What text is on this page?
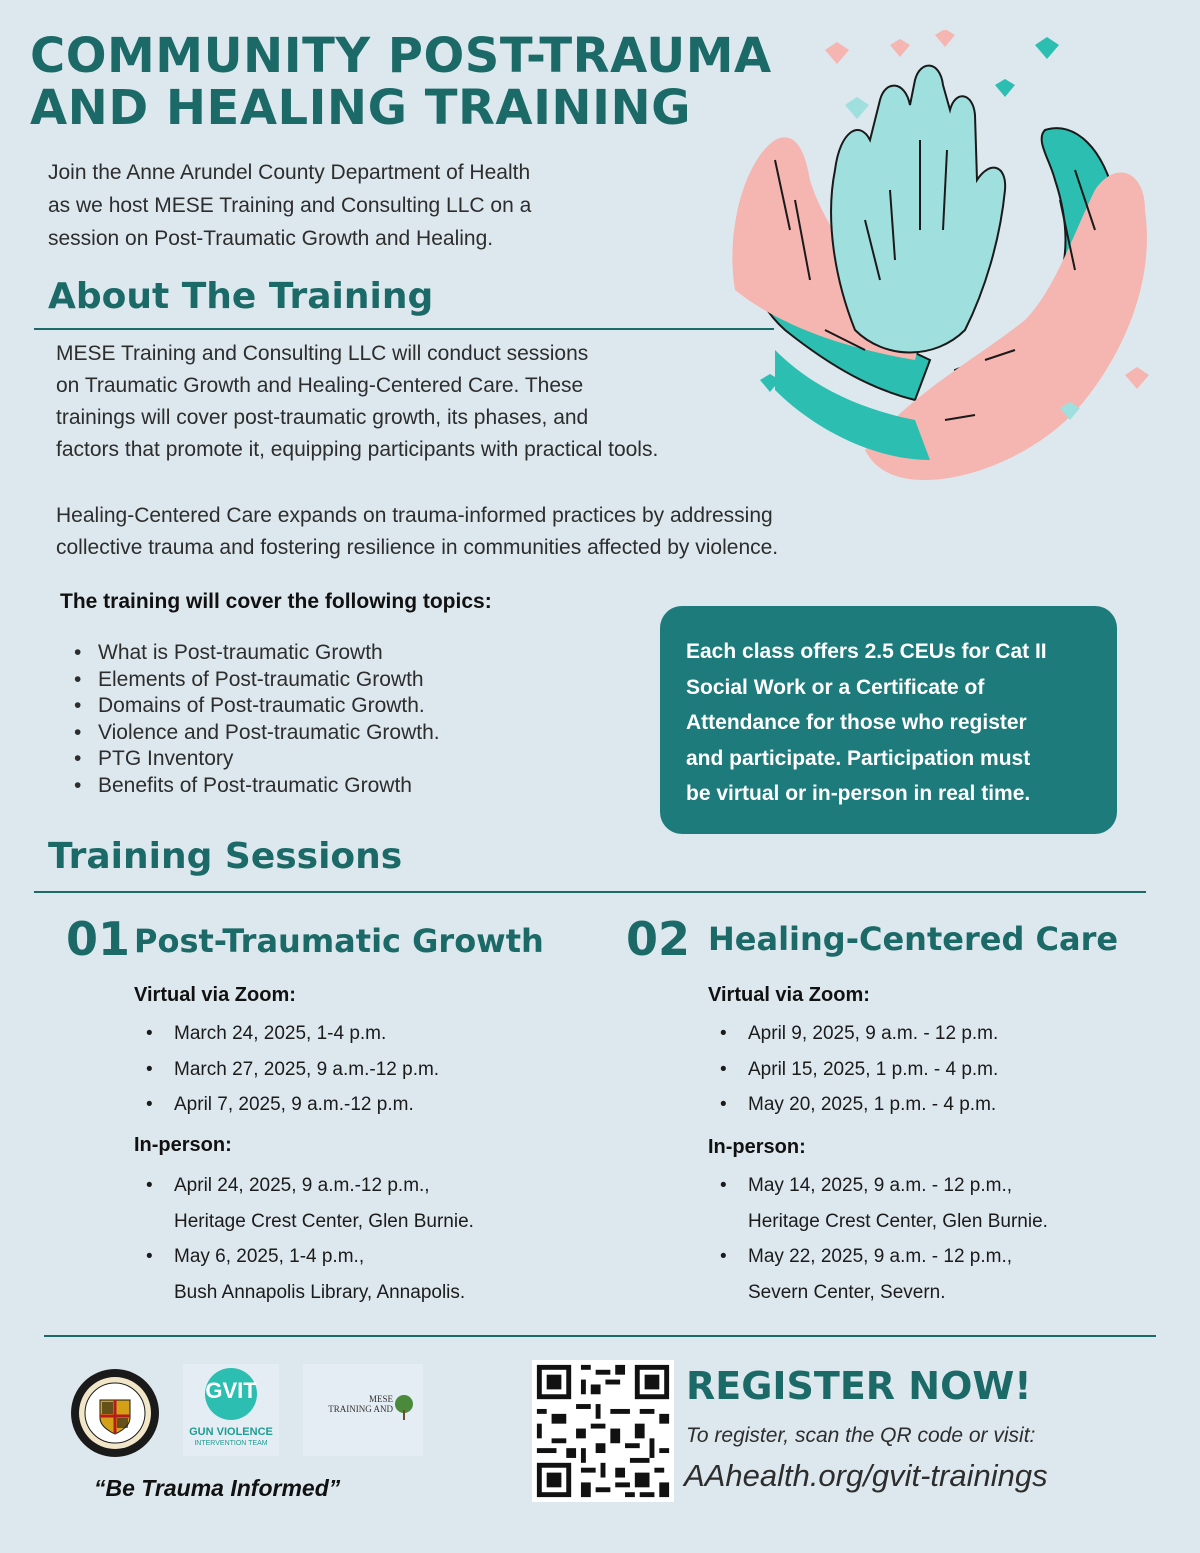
COMMUNITY POST-TRAUMA
AND HEALING TRAINING
Join the Anne Arundel County Department of Health
as we host MESE Training and Consulting LLC on a
session on Post-Traumatic Growth and Healing.
About The Training
MESE Training and Consulting LLC will conduct sessions
on Traumatic Growth and Healing-Centered Care. These
trainings will cover post-traumatic growth, its phases, and
factors that promote it, equipping participants with practical tools.
Healing-Centered Care expands on trauma-informed practices by addressing
collective trauma and fostering resilience in communities affected by violence.
The training will cover the following topics:
• What is Post-traumatic Growth
• Elements of Post-traumatic Growth
• Domains of Post-traumatic Growth.
• Violence and Post-traumatic Growth.
• PTG Inventory
• Benefits of Post-traumatic Growth
Each class offers 2.5 CEUs for Cat II
Social Work or a Certificate of
Attendance for those who register
and participate. Participation must
be virtual or in-person in real time.
Training Sessions
01 Post-Traumatic Growth
Virtual via Zoom:
• March 24, 2025, 1-4 p.m.
• March 27, 2025, 9 a.m.-12 p.m.
• April 7, 2025, 9 a.m.-12 p.m.
In-person:
• April 24, 2025, 9 a.m.-12 p.m.,
Heritage Crest Center, Glen Burnie.
• May 6, 2025, 1-4 p.m.,
Bush Annapolis Library, Annapolis.
02 Healing-Centered Care
Virtual via Zoom:
• April 9, 2025, 9 a.m. - 12 p.m.
• April 15, 2025, 1 p.m. - 4 p.m.
• May 20, 2025, 1 p.m. - 4 p.m.
In-person:
• May 14, 2025, 9 a.m. - 12 p.m.,
Heritage Crest Center, Glen Burnie.
• May 22, 2025, 9 a.m. - 12 p.m.,
Severn Center, Severn.
GVIT
GUN VIOLENCE
INTERVENTION TEAM
MESE
TRAINING AND
“Be Trauma Informed”
REGISTER NOW!
To register, scan the QR code or visit:
AAhealth.org/gvit-trainings
